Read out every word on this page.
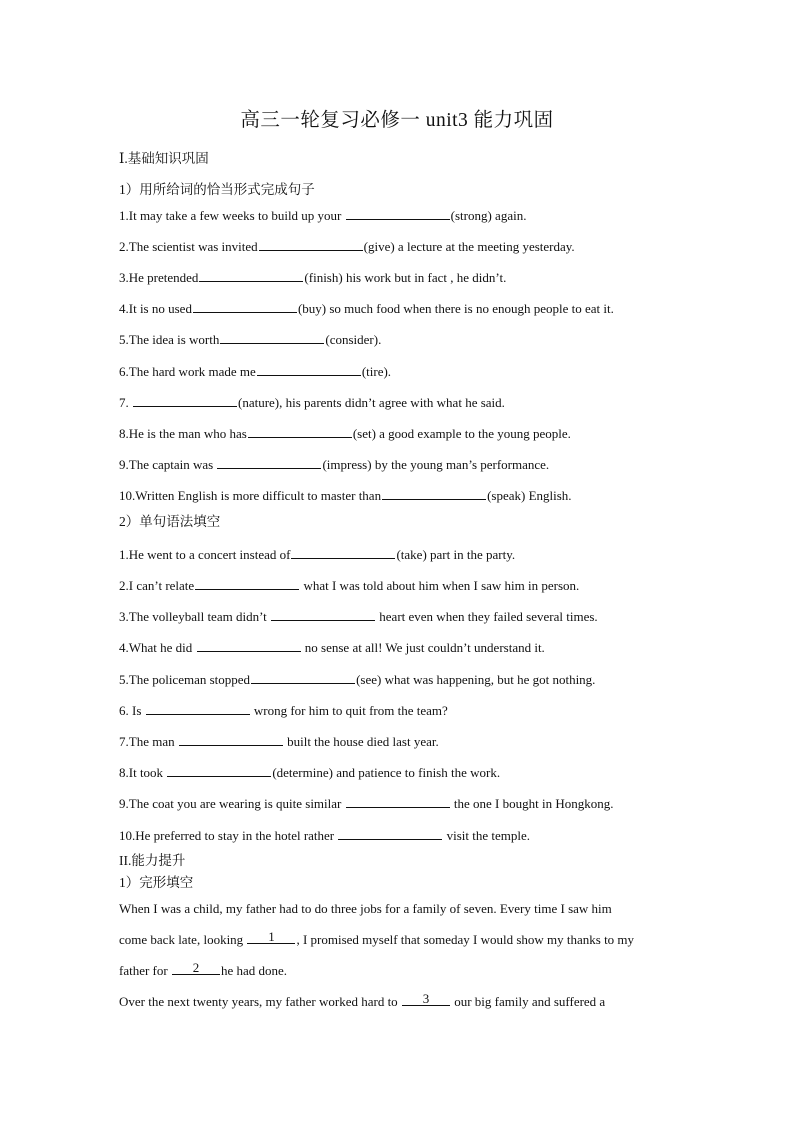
高三一轮复习必修一 unit3 能力巩固
Ⅰ.基础知识巩固
1）用所给词的恰当形式完成句子
1.It may take a few weeks to build up your	(strong) again.
2.The scientist was invited	(give) a lecture at the meeting yesterday.
3.He pretended	(finish) his work but in fact , he didn’t.
4.It is no used	(buy) so much food when there is no enough people to eat it.
5.The idea is worth	(consider).
6.The hard work made me	(tire).
7.	(nature), his parents didn’t agree with what he said.
8.He is the man who has	(set) a good example to the young people.
9.The captain was	(impress) by the young man’s performance.
10.Written English is more difficult to master than	(speak) English.
2）单句语法填空
1.He went to a concert instead of	(take) part in the party.
2.I can’t relate	what I was told about him when I saw him in person.
3.The volleyball team didn’t	heart even when they failed several times.
4.What he did	no sense at all! We just couldn’t understand it.
5.The policeman stopped	(see) what was happening, but he got nothing.
6. Is	wrong for him to quit from the team?
7.The man	built the house died last year.
8.It took	(determine) and patience to finish the work.
9.The coat you are wearing is quite similar	the one I bought in Hongkong.
10.He preferred to stay in the hotel rather	visit the temple.
II.能力提升
1）完形填空
When I was a child, my father had to do three jobs for a family of seven. Every time I saw him
come back late, looking	1	, I promised myself that someday I would show my thanks to my
father for	2	he had done.
Over the next twenty years, my father worked hard to	3	our big family and suffered a
